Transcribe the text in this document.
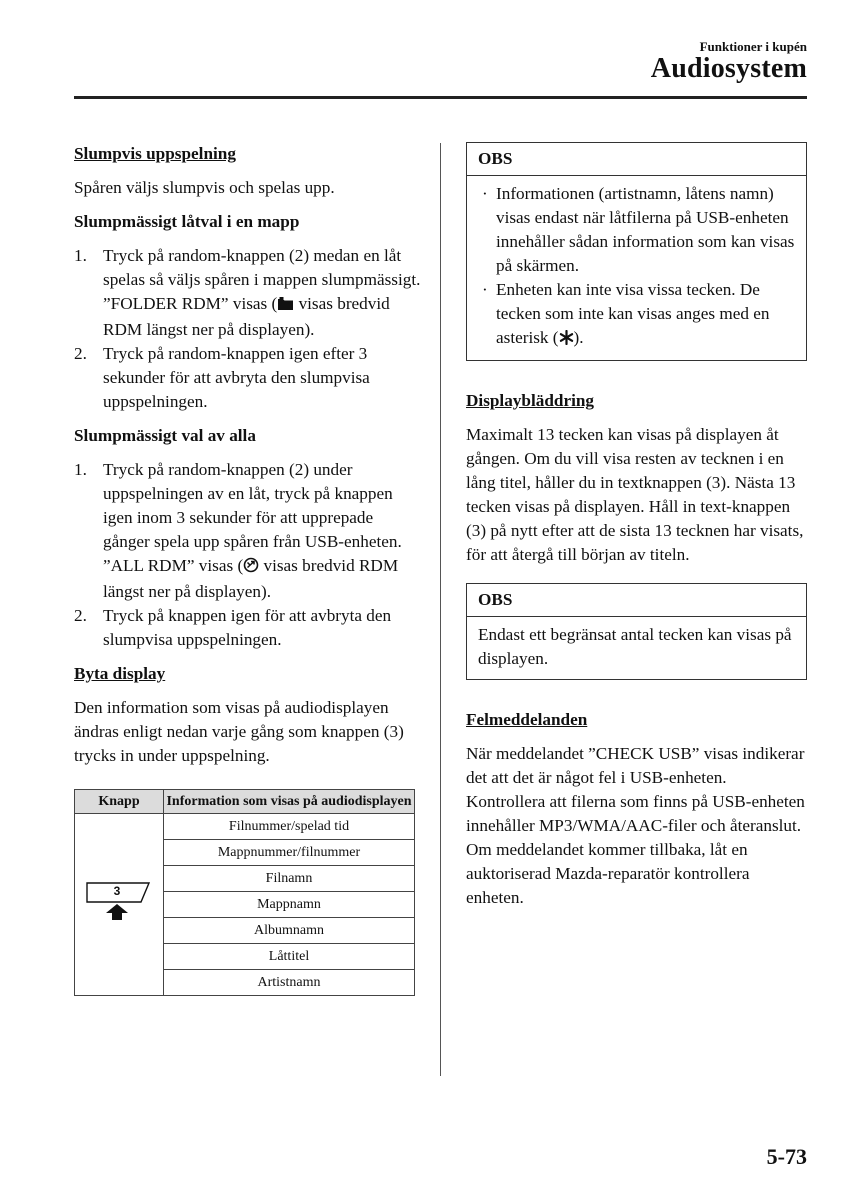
Funktioner i kupén
Audiosystem
Slumpvis uppspelning

Spåren väljs slumpvis och spelas upp.

Slumpmässigt låtval i en mapp
1. Tryck på random-knappen (2) medan en låt spelas så väljs spåren i mappen slumpmässigt. ”FOLDER RDM” visas ( visas bredvid RDM längst ner på displayen).
2. Tryck på random-knappen igen efter 3 sekunder för att avbryta den slumpvisa uppspelningen.
Slumpmässigt val av alla
1. Tryck på random-knappen (2) under uppspelningen av en låt, tryck på knappen igen inom 3 sekunder för att upprepade gånger spela upp spåren från USB-enheten. ”ALL RDM” visas ( visas bredvid RDM längst ner på displayen).
2. Tryck på knappen igen för att avbryta den slumpvisa uppspelningen.
Byta display

Den information som visas på audiodisplayen ändras enligt nedan varje gång som knappen (3) trycks in under uppspelning.

Knapp	Information som visas på audiodisplayen

3	Filnummer/spelad tid
	Mappnummer/filnummer
	Filnamn
	Mappnamn
	Albumnamn
	Låttitel
	Artistnamn
OBS
· Informationen (artistnamn, låtens namn) visas endast när låtfilerna på USB-enheten innehåller sådan information som kan visas på skärmen.
· Enheten kan inte visa vissa tecken. De tecken som inte kan visas anges med en asterisk ( ).
Displaybläddring

Maximalt 13 tecken kan visas på displayen åt gången. Om du vill visa resten av tecknen i en lång titel, håller du in textknappen (3). Nästa 13 tecken visas på displayen. Håll in text-knappen (3) på nytt efter att de sista 13 tecknen har visats, för att återgå till början av titeln.

OBS
Endast ett begränsat antal tecken kan visas på displayen.
Felmeddelanden

När meddelandet ”CHECK USB” visas indikerar det att det är något fel i USB-enheten. Kontrollera att filerna som finns på USB-enheten innehåller MP3/WMA/AAC-filer och återanslut. Om meddelandet kommer tillbaka, låt en auktoriserad Mazda-reparatör kontrollera enheten.

5-73
